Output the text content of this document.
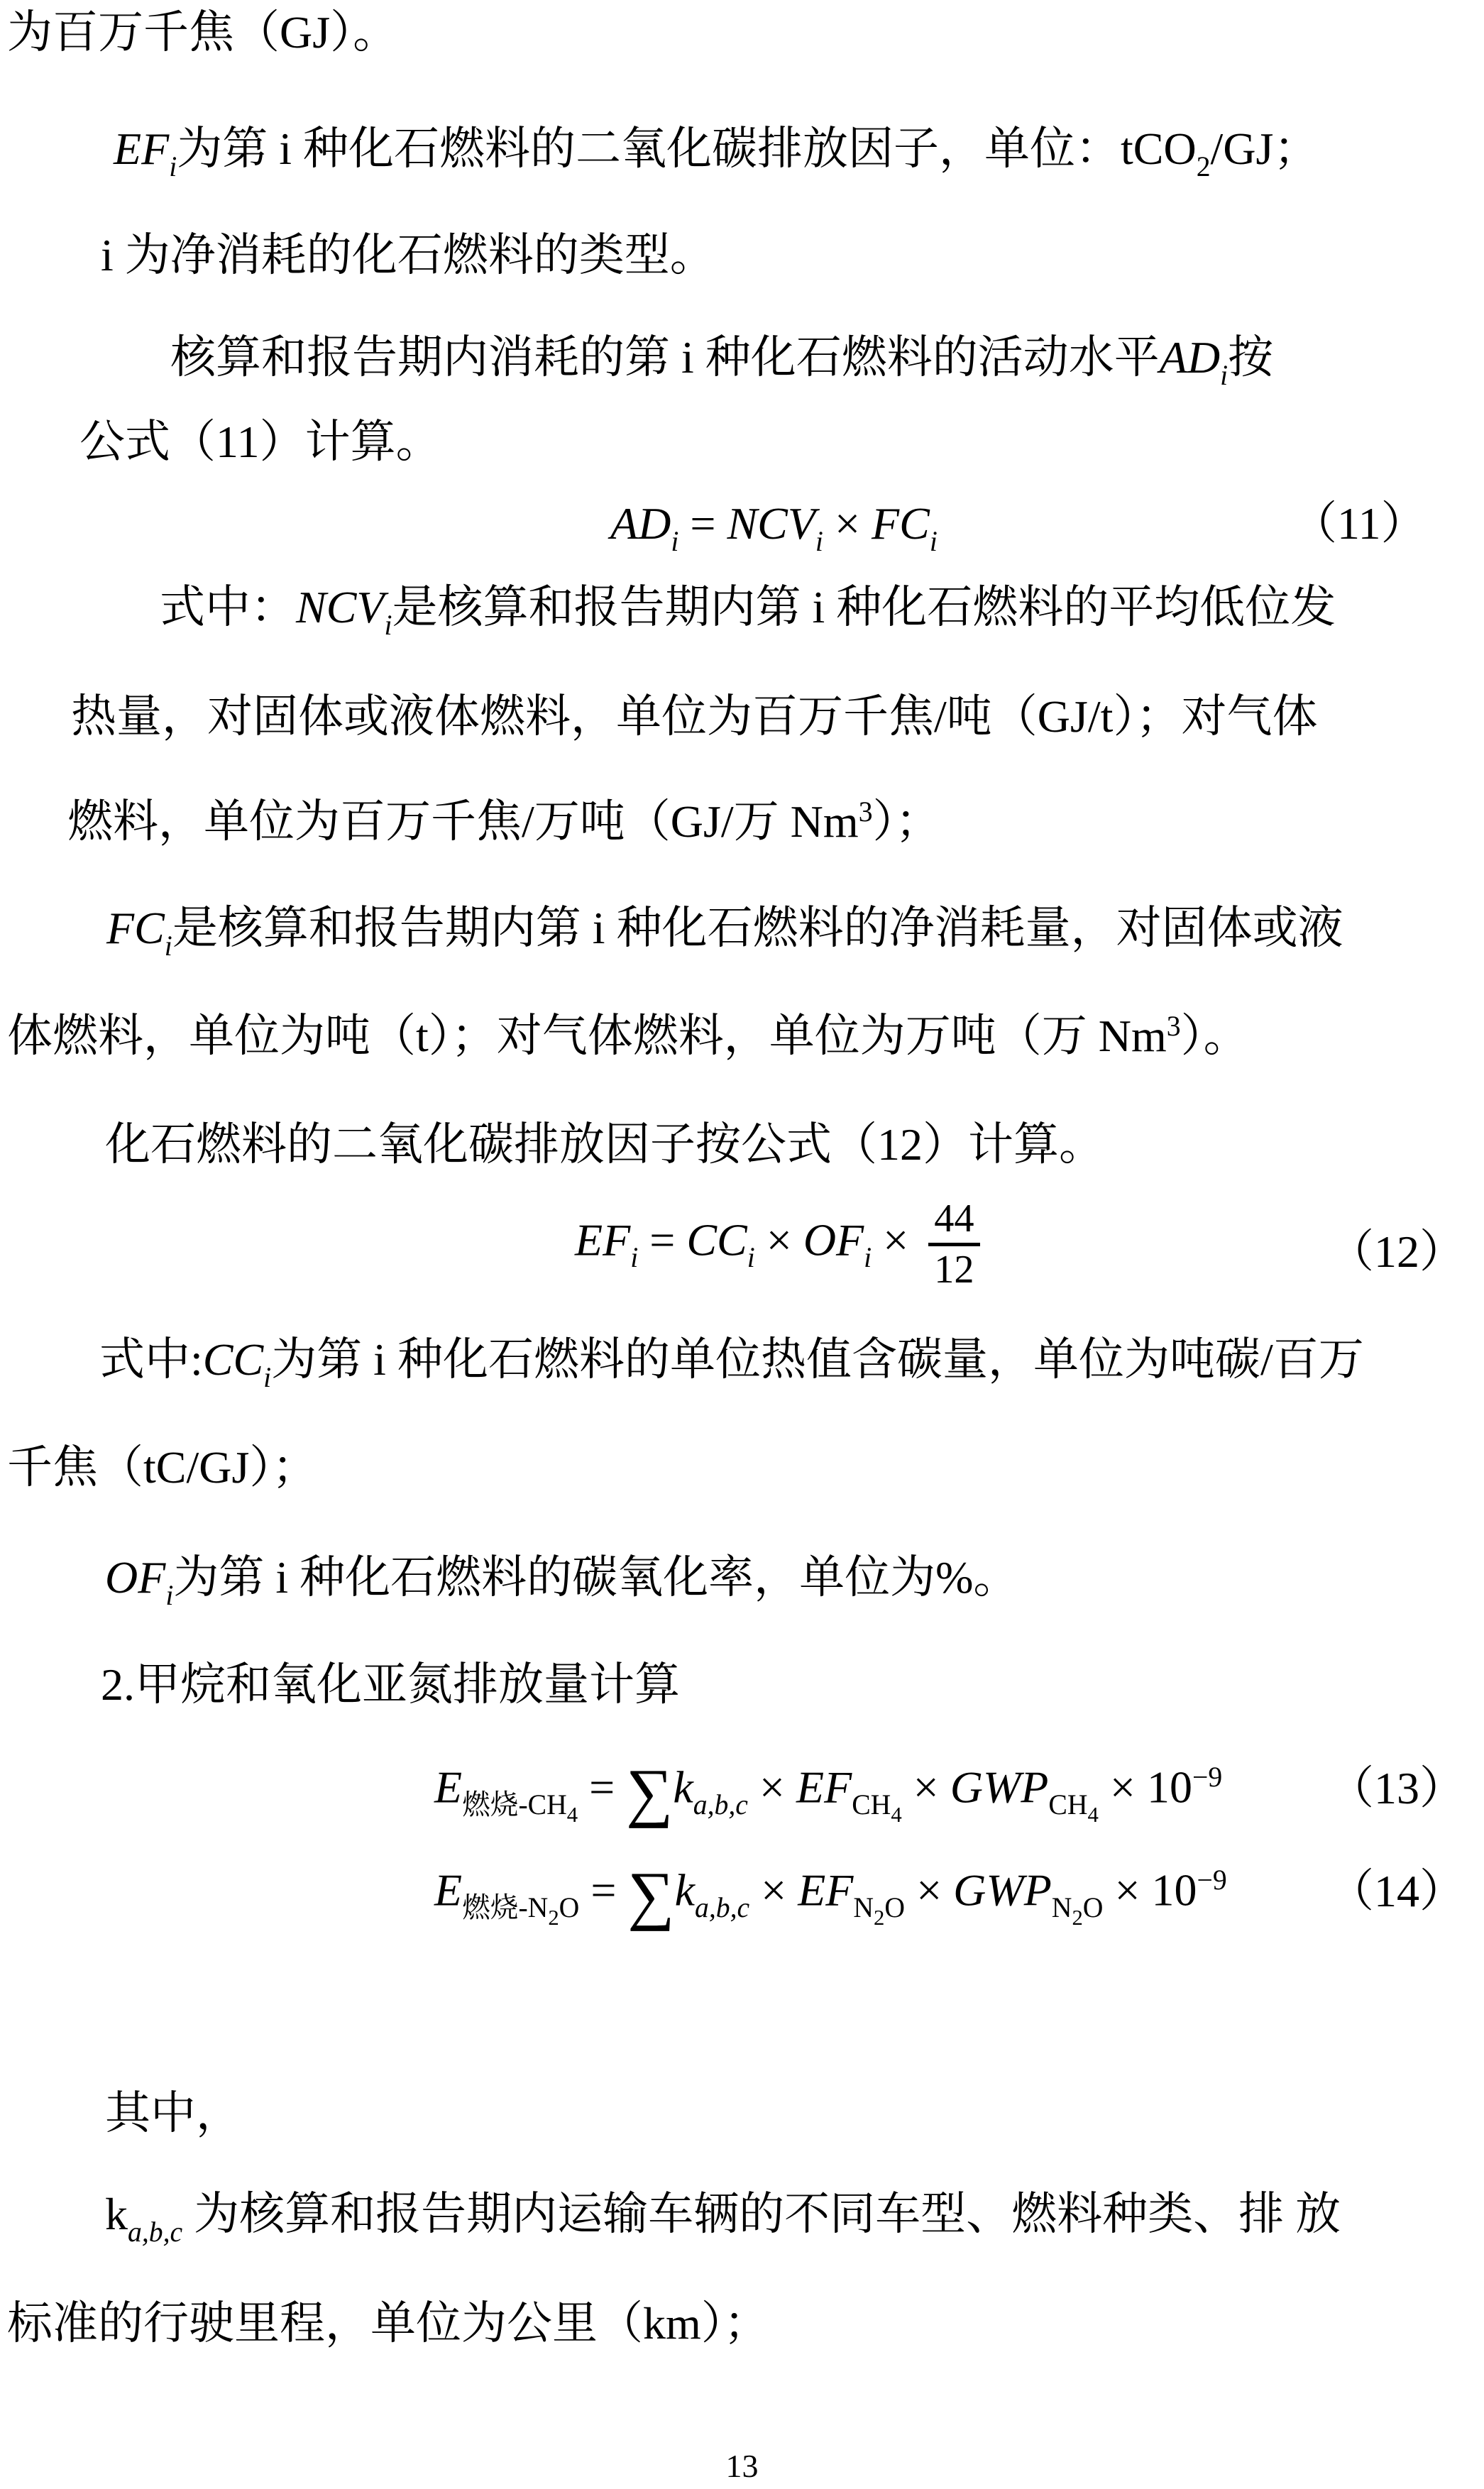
为百万千焦（GJ）。
$EF_i$为第 i 种化石燃料的二氧化碳排放因子，单位：tCO$_2$/GJ；
i 为净消耗的化石燃料的类型。
核算和报告期内消耗的第 i 种化石燃料的活动水平$AD_i$按
公式（11）计算。
$AD_i = NCV_i \times FC_i$	（11）
式中：$NCV_i$是核算和报告期内第 i 种化石燃料的平均低位发
热量，对固体或液体燃料，单位为百万千焦/吨（GJ/t）；对气体
燃料，单位为百万千焦/万吨（GJ/万 Nm$^3$）；
$FC_i$是核算和报告期内第 i 种化石燃料的净消耗量，对固体或液
体燃料，单位为吨（t）；对气体燃料，单位为万吨（万 Nm$^3$）。
化石燃料的二氧化碳排放因子按公式（12）计算。
$EF_i = CC_i \times OF_i \times \frac{44}{12}$	（12）
式中$:CC_i$为第 i 种化石燃料的单位热值含碳量，单位为吨碳/百万
千焦（tC/GJ）；
$OF_i$为第 i 种化石燃料的碳氧化率，单位为%。
2.甲烷和氧化亚氮排放量计算
$E_{燃烧-CH4} = \sum k_{a,b,c} \times EF_{CH4} \times GWP_{CH4} \times 10^{-9}$ （13）
$E_{燃烧-N2O} = \sum k_{a,b,c} \times EF_{N2O} \times GWP_{N2O} \times 10^{-9}$ （14）
其中，
$k_{a,b,c}$ 为核算和报告期内运输车辆的不同车型、燃料种类、排 放
标准的行驶里程，单位为公里（km）；
13
